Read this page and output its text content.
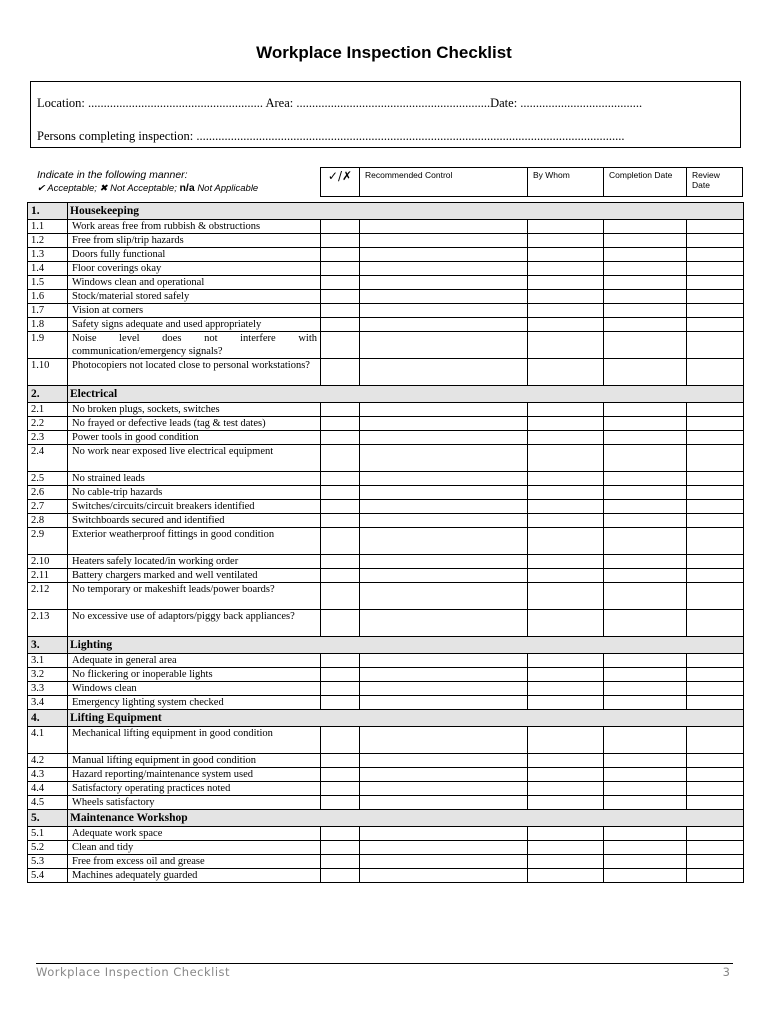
Workplace Inspection Checklist
Location: ........................................................ Area: ..............................................................Date: .......................................
Persons completing inspection: .........................................................................................................................................
Indicate in the following manner:
✔ Acceptable; ✖ Not Acceptable; n/a Not Applicable
✓/✗	Recommended Control	By Whom	Completion Date	Review Date
1.	Housekeeping					
1.1	Work areas free from rubbish & obstructions					
1.2	Free from slip/trip hazards					
1.3	Doors fully functional					
1.4	Floor coverings okay					
1.5	Windows clean and operational					
1.6	Stock/material stored safely					
1.7	Vision at corners					
1.8	Safety signs adequate and used appropriately					
1.9	Noise level does not interfere with communication/emergency signals?					
1.10	Photocopiers not located close to personal workstations?					
2.	Electrical					
2.1	No broken plugs, sockets, switches					
2.2	No frayed or defective leads (tag & test dates)					
2.3	Power tools in good condition					
2.4	No work near exposed live electrical equipment					
2.5	No strained leads					
2.6	No cable-trip hazards					
2.7	Switches/circuits/circuit breakers identified					
2.8	Switchboards secured and identified					
2.9	Exterior weatherproof fittings in good condition					
2.10	Heaters safely located/in working order					
2.11	Battery chargers marked and well ventilated					
2.12	No temporary or makeshift leads/power boards?					
2.13	No excessive use of adaptors/piggy back appliances?					
3.	Lighting					
3.1	Adequate in general area					
3.2	No flickering or inoperable lights					
3.3	Windows clean					
3.4	Emergency lighting system checked					
4.	Lifting Equipment					
4.1	Mechanical lifting equipment in good condition					
4.2	Manual lifting equipment in good condition					
4.3	Hazard reporting/maintenance system used					
4.4	Satisfactory operating practices noted					
4.5	Wheels satisfactory					
5.	Maintenance Workshop					
5.1	Adequate work space					
5.2	Clean and tidy					
5.3	Free from excess oil and grease					
5.4	Machines adequately guarded					
Workplace Inspection Checklist	3
